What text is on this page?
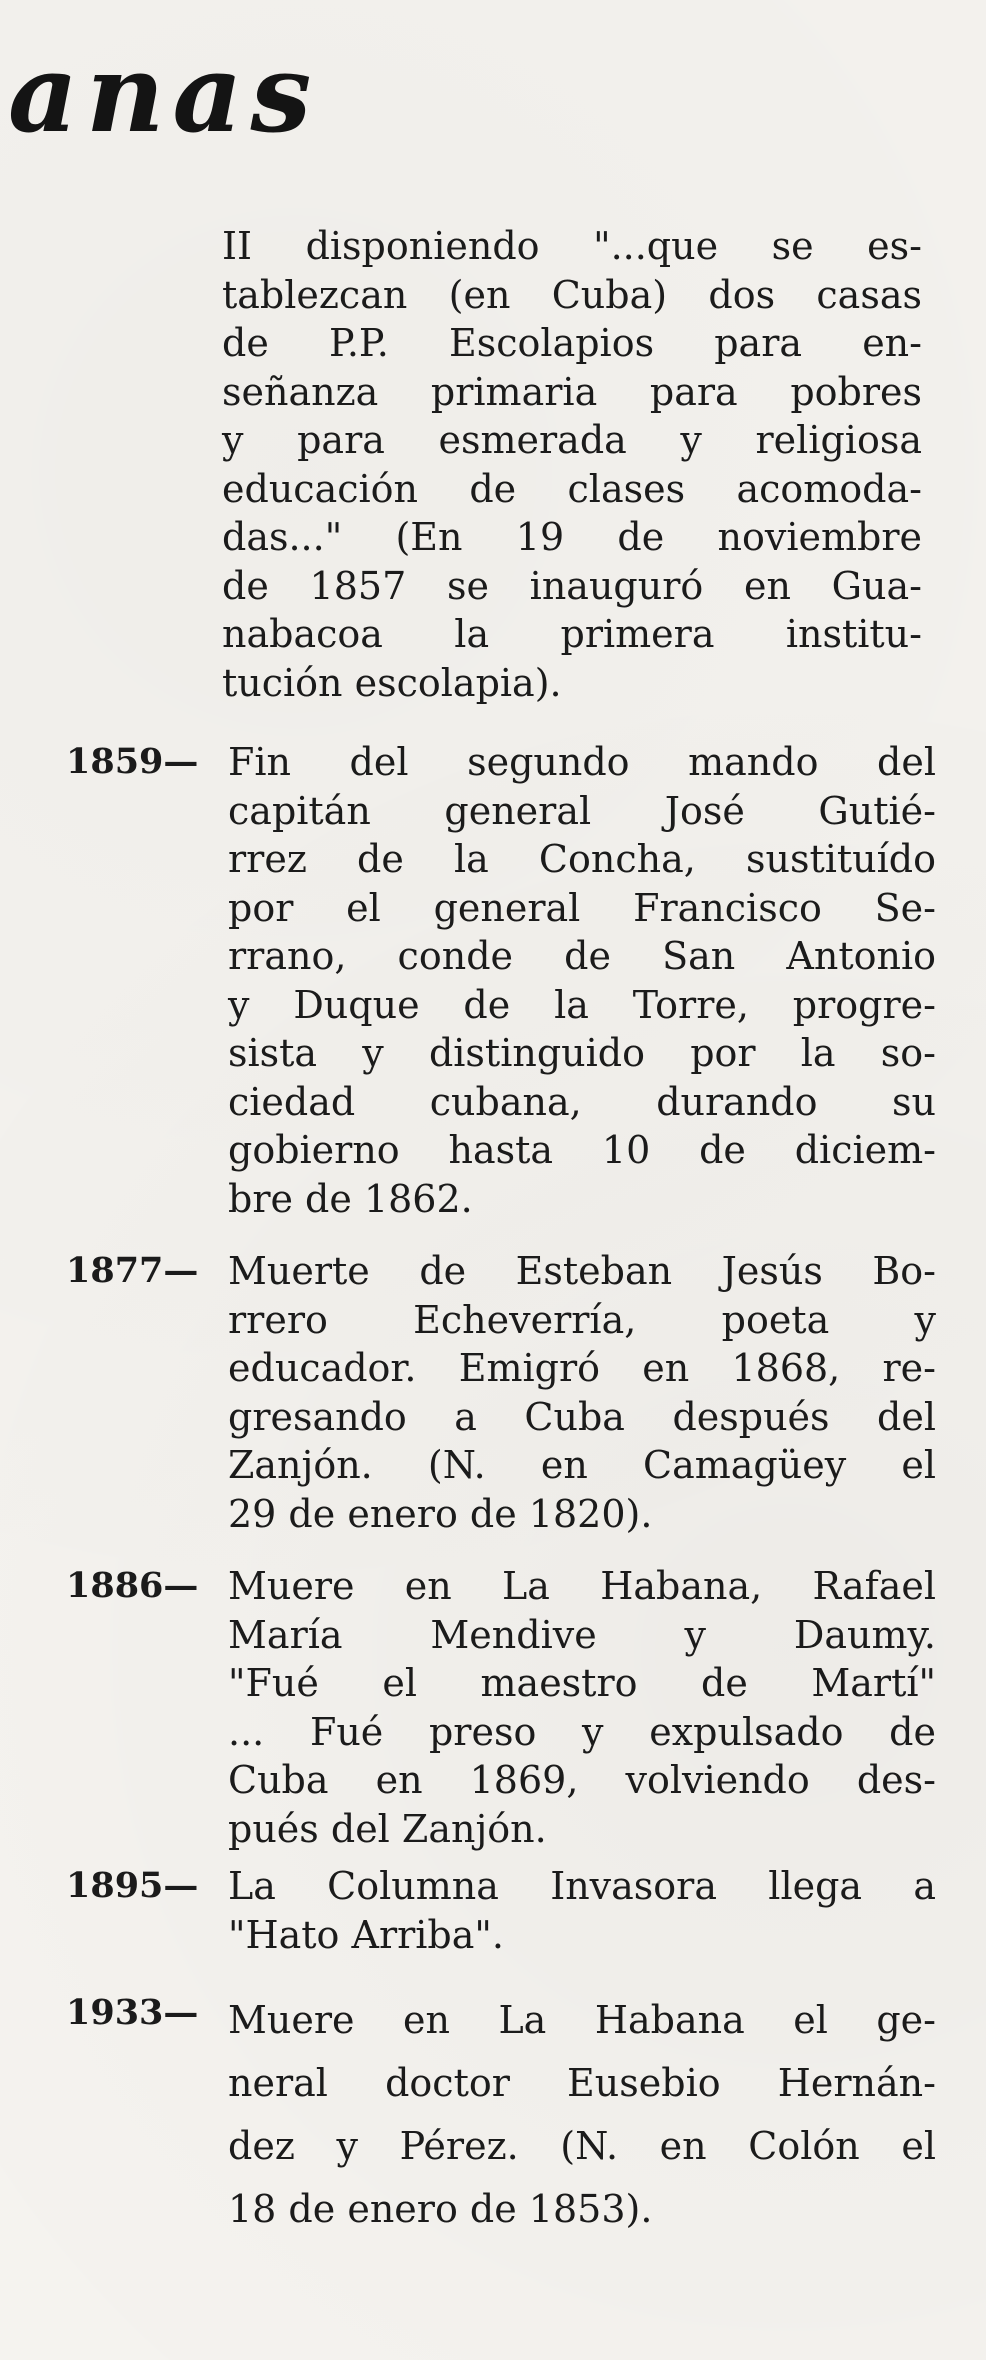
anas
II disponiendo "...que se es-
tablezcan (en Cuba) dos casas
de P.P. Escolapios para en-
señanza primaria para pobres
y para esmerada y religiosa
educación de clases acomoda-
das..." (En 19 de noviembre
de 1857 se inauguró en Gua-
nabacoa la primera institu-
tución escolapia).
1859— Fin del segundo mando del
capitán general José Gutié-
rrez de la Concha, sustituído
por el general Francisco Se-
rrano, conde de San Antonio
y Duque de la Torre, progre-
sista y distinguido por la so-
ciedad cubana, durando su
gobierno hasta 10 de diciem-
bre de 1862.
1877— Muerte de Esteban Jesús Bo-
rrero Echeverría, poeta y
educador. Emigró en 1868, re-
gresando a Cuba después del
Zanjón. (N. en Camagüey el
29 de enero de 1820).
1886— Muere en La Habana, Rafael
María Mendive y Daumy.
"Fué el maestro de Martí"
... Fué preso y expulsado de
Cuba en 1869, volviendo des-
pués del Zanjón.
1895— La Columna Invasora llega a
"Hato Arriba".
1933— Muere en La Habana el ge-
neral doctor Eusebio Hernán-
dez y Pérez. (N. en Colón el
18 de enero de 1853).
